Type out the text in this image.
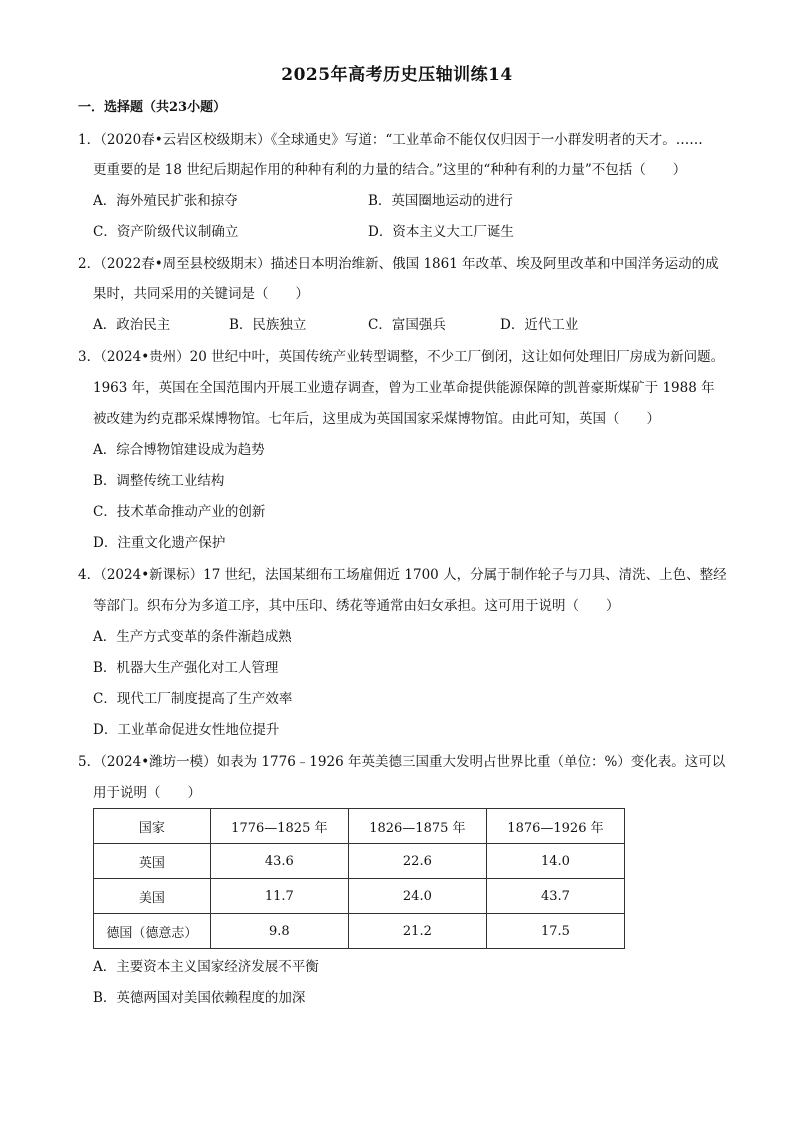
2025年高考历史压轴训练14
一．选择题（共23小题）
1．（2020春•云岩区校级期末）《全球通史》写道：“工业革命不能仅仅归因于一小群发明者的天才。……
更重要的是 18 世纪后期起作用的种种有利的力量的结合。”这里的“种种有利的力量”不包括（　　）
A．海外殖民扩张和掠夺	B．英国圈地运动的进行
C．资产阶级代议制确立	D．资本主义大工厂诞生
2．（2022春•周至县校级期末）描述日本明治维新、俄国 1861 年改革、埃及阿里改革和中国洋务运动的成
果时，共同采用的关键词是（　　）
A．政治民主	B．民族独立	C．富国强兵	D．近代工业
3．（2024•贵州）20 世纪中叶，英国传统产业转型调整，不少工厂倒闭，这让如何处理旧厂房成为新问题。
1963 年，英国在全国范围内开展工业遗存调查，曾为工业革命提供能源保障的凯普豪斯煤矿于 1988 年
被改建为约克郡采煤博物馆。七年后，这里成为英国国家采煤博物馆。由此可知，英国（　　）
A．综合博物馆建设成为趋势
B．调整传统工业结构
C．技术革命推动产业的创新
D．注重文化遗产保护
4．（2024•新课标）17 世纪，法国某细布工场雇佣近 1700 人，分属于制作轮子与刀具、清洗、上色、整经
等部门。织布分为多道工序，其中压印、绣花等通常由妇女承担。这可用于说明（　　）
A．生产方式变革的条件渐趋成熟
B．机器大生产强化对工人管理
C．现代工厂制度提高了生产效率
D．工业革命促进女性地位提升
5．（2024•潍坊一模）如表为 1776﹣1926 年英美德三国重大发明占世界比重（单位：%）变化表。这可以
用于说明（　　）
国家	1776—1825 年	1826—1875 年	1876—1926 年
英国	43.6	22.6	14.0
美国	11.7	24.0	43.7
德国（德意志）	9.8	21.2	17.5
A．主要资本主义国家经济发展不平衡
B．英德两国对美国依赖程度的加深
